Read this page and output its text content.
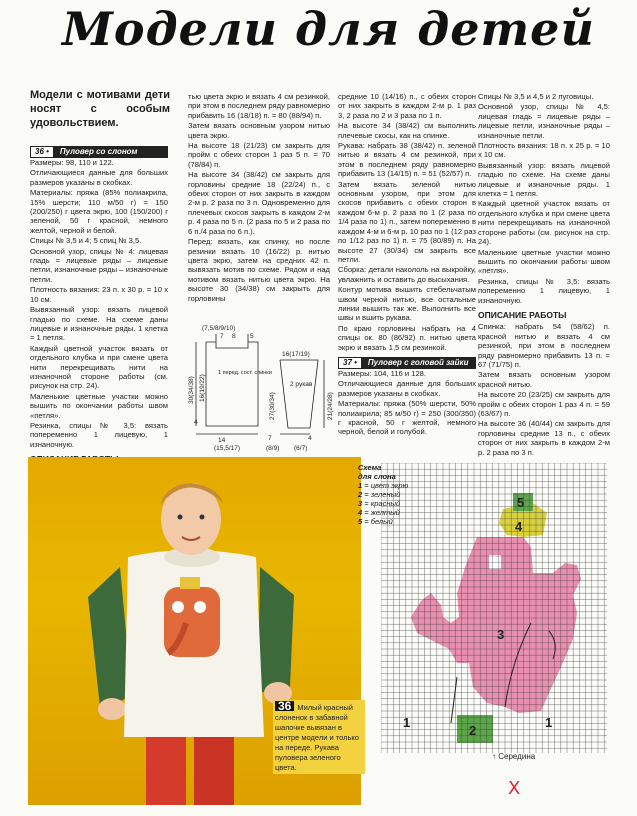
Модели для детей
Модели с мотивами дети носят с особым удовольствием.
36 •	Пуловер со слоном

Размеры: 98, 110 и 122.

Отличающиеся данные для больших размеров указаны в скобках.

Материалы: пряжа (85% полиакрила, 15% шерсти; 110 м/50 г) = 150 (200/250) г цвета экрю, 100 (150/200) г зеленой, 50 г красной, немного желтой, черной и белой.

Спицы № 3,5 и 4; 5 спиц № 3,5.

Основной узор, спицы № 4: лицевая гладь = лицевые ряды – лицевые петли, изнаночные ряды – изнаночные петли.

Плотность вязания: 23 п. x 30 р. = 10 x 10 см.

Вывязанный узор: вязать лицевой гладью по схеме. На схеме даны лицевые и изнаночные ряды. 1 клетка = 1 петля.

Каждый цветной участок вязать от отдельного клубка и при смене цвета нити перекрещивать нити на изнаночной стороне работы (см. рисунок на стр. 24).

Маленькие цветные участки можно вышить по окончании работы швом «петля».

Резинка, спицы № 3,5: вязать попеременно 1 лицевую, 1 изнаночную.

тью цвета экрю и вязать 4 см резинкой, при этом в последнем ряду равномерно прибавить 16 (18/18) п. = 80 (88/94) п.

Затем вязать основным узором нитью цвета экрю.

На высоте 18 (21/23) см закрыть для пройм с обеих сторон 1 раз 5 п. = 70 (78/84) п.

На высоте 34 (38/42) см закрыть для горловины средние 18 (22/24) п., с обеих сторон от них закрыть в каждом 2-м р. 2 раза по 3 п. Одновременно для плечевых скосов закрыть в каждом 2-м р. 4 раза по 5 п. (2 раза по 5 и 2 раза по 6 п./4 раза по 6 п.).

Перед: вязать, как спинку, но после резинки вязать 10 (16/22) р. нитью цвета экрю, затем на средних 42 п. вывязать мотив по схеме. Рядом и над мотивом вязать нитью цвета экрю. На высоте 30 (34/38) см закрыть для горловины

(7,5/8/9/10)
7 8 5
1 перед. сост. спинки
30(34/38) 16(19/22)
4
14
(15,5/17)
16(17/19)
2 рукав
27(30/34)	21(24/28)
7
(8/9) (6/7)
4

средние 10 (14/16) п., с обеих сторон от них закрыть в каждом 2-м р. 1 раз 3, 2 раза по 2 и 3 раза по 1 п.

На высоте 34 (38/42) см выполнить плечевые скосы, как на спинке.

Рукава: набрать 38 (38/42) п. зеленой нитью и вязать 4 см резинкой, при этом в последнем ряду равномерно прибавить 13 (14/15) п. = 51 (52/57) п.

Затем вязать зеленой нитью основным узором, при этом для скосов прибавить с обеих сторон в каждом 6-м р. 2 раза по 1 (2 раза по 1/4 раза по 1) п., затем попеременно в каждом 4-м и 6-м р. 10 раз по 1 (12 раз по 1/12 раз по 1) п. = 75 (80/89) п. На высоте 27 (30/34) см закрыть все петли.

Сборка: детали накололь на выкройку, увлажнить и оставить до высыхания.

Контур мотива вышить стебельчатым швом черной нитью, все остальные линии вышить так же. Выполнить все швы и вшить рукава.

По краю горловины набрать на 4 спицы ок. 80 (86/92) п. нитью цвета экрю и вязать 1,5 см резинкой.

37 •	Пуловер с головой зайки

Размеры: 104, 116 и 128.

Отличающиеся данные для больших размеров указаны в скобках.

Материалы: пряжа (50% шерсти, 50% полиакрила; 85 м/50 г) = 250 (300/350) г красной, 50 г желтой, немного черной, белой и голубой.

Спицы № 3,5 и 4,5 и 2 пуговицы.

Основной узор, спицы № 4,5: лицевая гладь = лицевые ряды – лицевые петли, изнаночные ряды – изнаночные петли.

Плотность вязания: 18 п. x 25 р. = 10 x 10 см.

Вывязанный узор: вязать лицевой гладью по схеме. На схеме даны лицевые и изнаночные ряды. 1 клетка = 1 петля.

Каждый цветной участок вязать от отдельного клубка и при смене цвета нити перекрещивать на изнаночной стороне работы (см. рисунок на стр. 24).

Маленькие цветные участки можно вышить по окончании работы швом «петля».

Резинка, спицы № 3,5: вязать попеременно 1 лицевую, 1 изнаночную.

ОПИСАНИЕ РАБОТЫ

Спинка: набрать 54 (58/62) п. красной нитью и вязать 4 см резинкой, при этом в последнем ряду равномерно прибавить 13 п. = 67 (71/75) п.

Затем вязать основным узором красной нитью.

На высоте 20 (23/25) см закрыть для пройм с обеих сторон 1 раз 4 п. = 59 (63/67) п.

На высоте 36 (40/44) см закрыть для горловины средние 13 п., с обеих сторон от них закрыть в каждом 2-м р. 2 раза по 3 п.

36 Милый красный слоненок в забавной шапочке вывязан в центре модели и только на переде. Рукава пуловера зеленого цвета.
Схема
для слона
1 = цвет экрю
2 = зеленый
3 = красный
4 = желтый
5 = белый
5
4
3
1
2
1
↑ Середина
Х
